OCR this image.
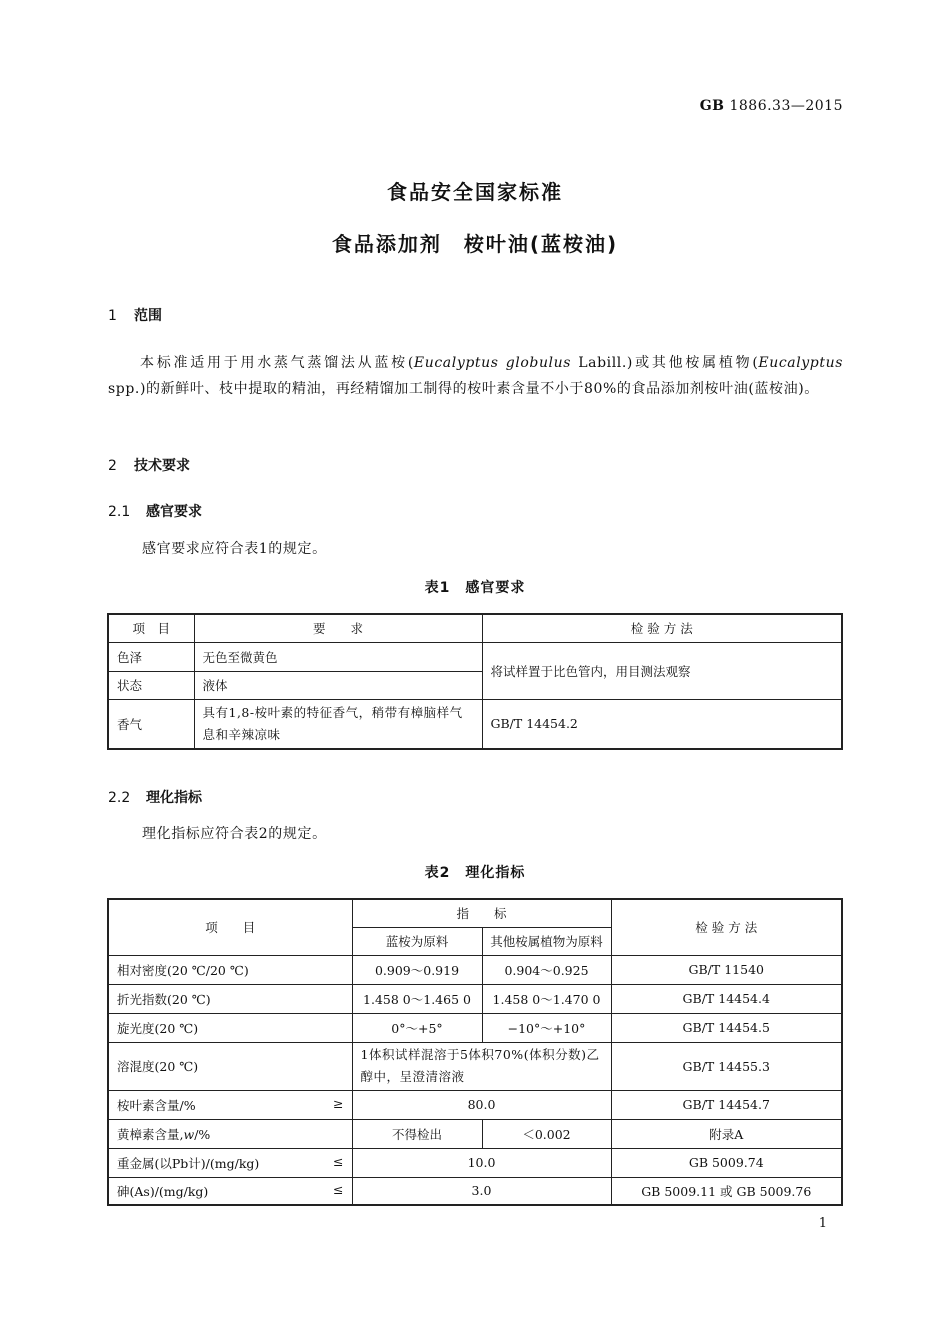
GB 1886.33—2015
食品安全国家标准
食品添加剂　桉叶油(蓝桉油)
1 范围
本标准适用于用水蒸气蒸馏法从蓝桉(Eucalyptus globulus Labill.)或其他桉属植物(Eucalyptus
spp.)的新鲜叶、枝中提取的精油，再经精馏加工制得的桉叶素含量不小于80%的食品添加剂桉叶油(蓝桉油)。
2 技术要求
2.1 感官要求
感官要求应符合表1的规定。
表1　感官要求
项　目	要　　求	检 验 方 法
色泽	无色至微黄色	将试样置于比色管内，用目测法观察
状态	液体	
香气	具有1,8-桉叶素的特征香气，稍带有樟脑样气息和辛辣凉味	GB/T 14454.2
2.2 理化指标
理化指标应符合表2的规定。
表2　理化指标
项　　目	指　　标		检 验 方 法
	蓝桉为原料	其他桉属植物为原料	
相对密度(20 ℃/20 ℃)	0.909～0.919	0.904～0.925	GB/T 11540
折光指数(20 ℃)	1.458 0～1.465 0	1.458 0～1.470 0	GB/T 14454.4
旋光度(20 ℃)	0°～+5°	−10°～+10°	GB/T 14454.5
溶混度(20 ℃)	1体积试样混溶于5体积70%(体积分数)乙醇中，呈澄清溶液		GB/T 14455.3
桉叶素含量/% ≥	80.0		GB/T 14454.7
黄樟素含量,w/%	不得检出	＜0.002	附录A
重金属(以Pb计)/(mg/kg) ≤	10.0		GB 5009.74
砷(As)/(mg/kg) ≤	3.0		GB 5009.11 或 GB 5009.76
1
